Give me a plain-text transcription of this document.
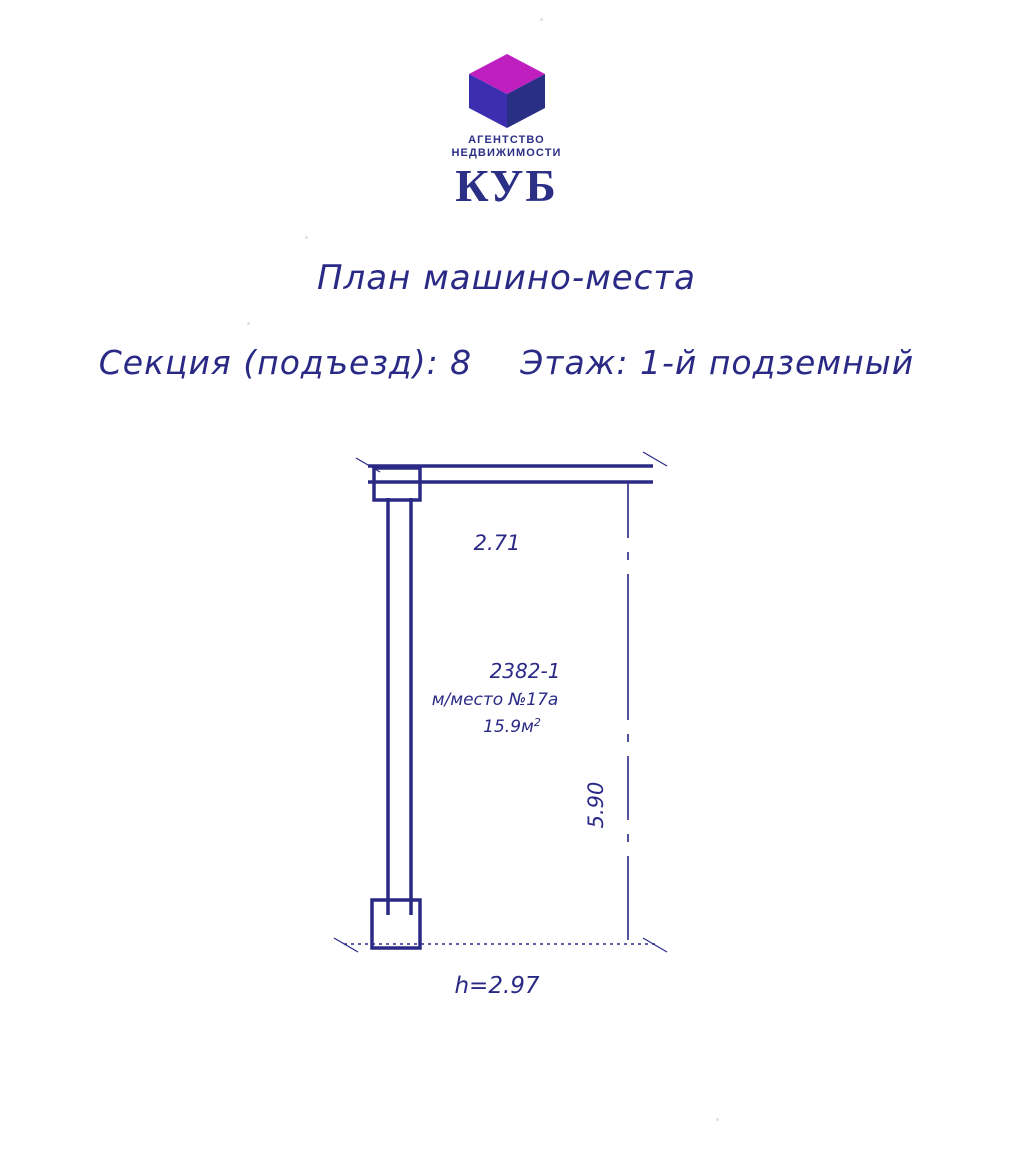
АГЕНТСТВО
НЕДВИЖИМОСТИ
КУБ
План машино-места
Секция (подъезд): 8 Этаж: 1-й подземный
2.71
5.90
2382-1
м/место №17а
$15.9м^2$
h=2.97
